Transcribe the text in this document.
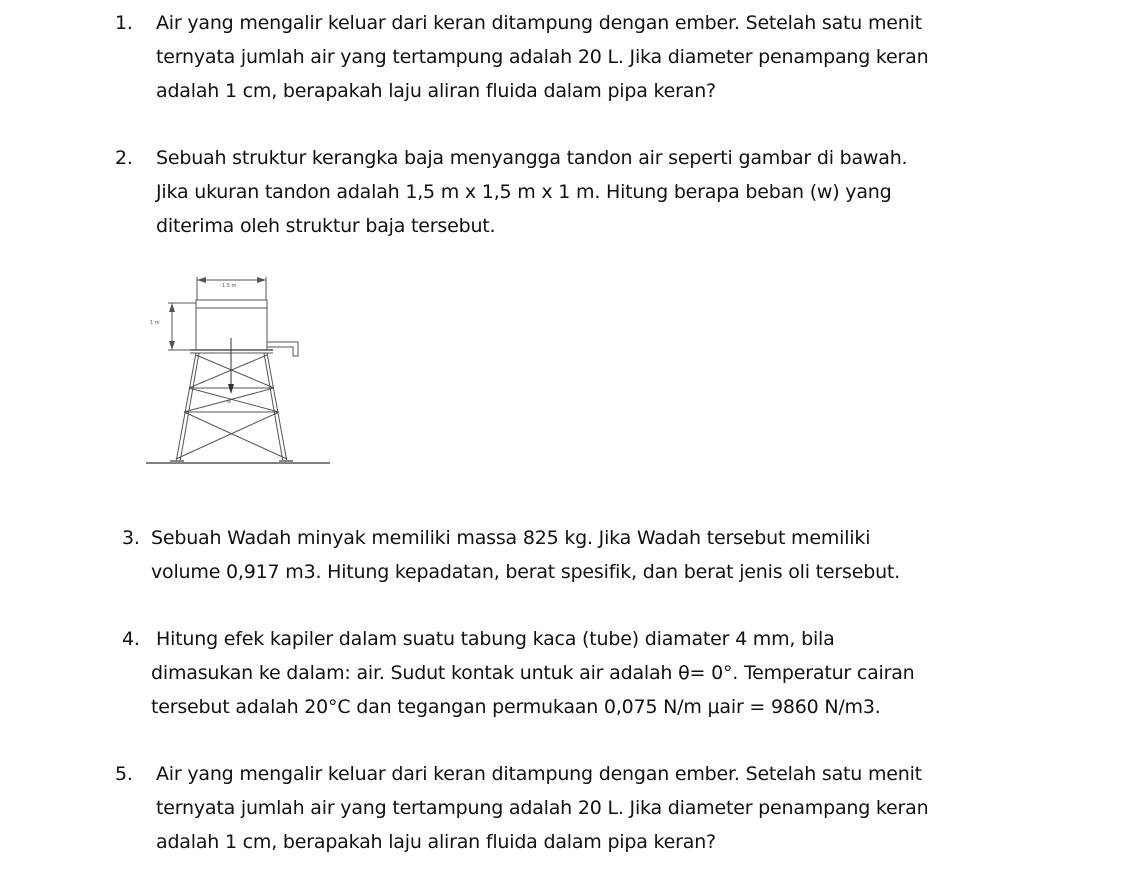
1. Air yang mengalir keluar dari keran ditampung dengan ember. Setelah satu menit
ternyata jumlah air yang tertampung adalah 20 L. Jika diameter penampang keran
adalah 1 cm, berapakah laju aliran fluida dalam pipa keran?
2. Sebuah struktur kerangka baja menyangga tandon air seperti gambar di bawah.
Jika ukuran tandon adalah 1,5 m x 1,5 m x 1 m. Hitung berapa beban (w) yang
diterima oleh struktur baja tersebut.
1.5 m
1 m
w
3. Sebuah Wadah minyak memiliki massa 825 kg. Jika Wadah tersebut memiliki
volume 0,917 m3. Hitung kepadatan, berat spesifik, dan berat jenis oli tersebut.
4. Hitung efek kapiler dalam suatu tabung kaca (tube) diamater 4 mm, bila
dimasukan ke dalam: air. Sudut kontak untuk air adalah θ= 0°. Temperatur cairan
tersebut adalah 20°C dan tegangan permukaan 0,075 N/m μair = 9860 N/m3.
5. Air yang mengalir keluar dari keran ditampung dengan ember. Setelah satu menit
ternyata jumlah air yang tertampung adalah 20 L. Jika diameter penampang keran
adalah 1 cm, berapakah laju aliran fluida dalam pipa keran?
